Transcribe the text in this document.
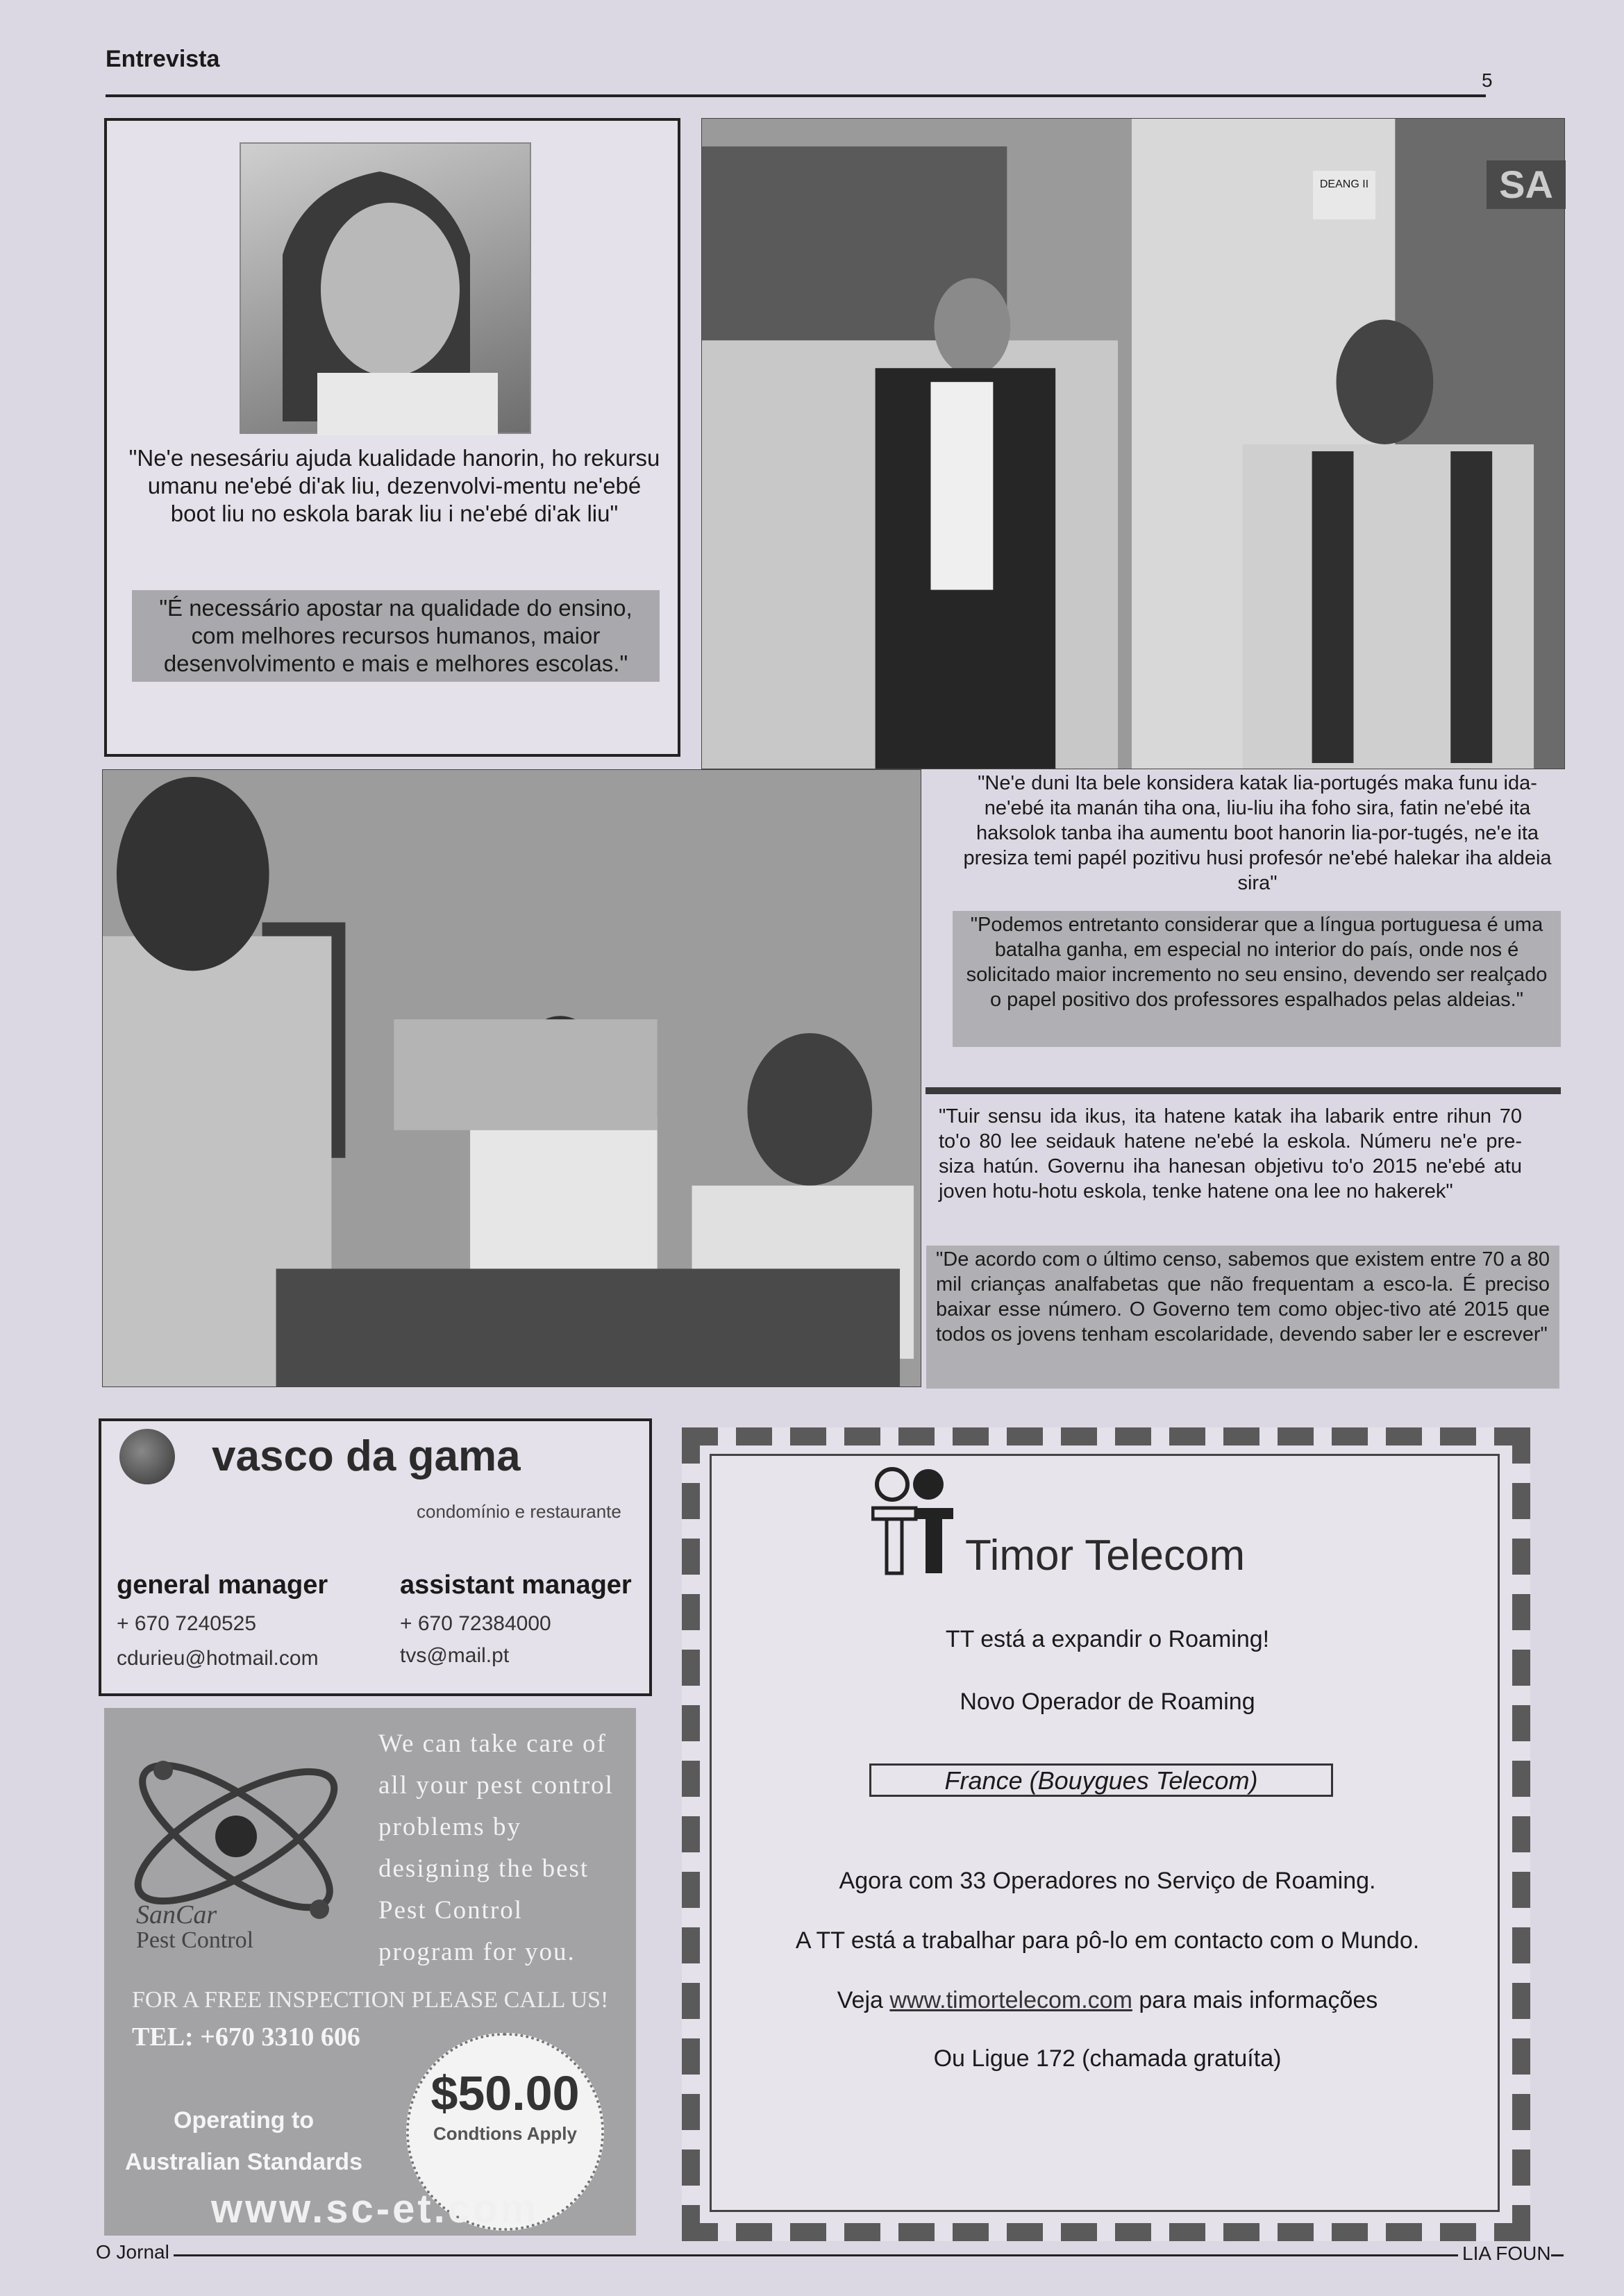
Entrevista
5
"Ne'e nesesáriu ajuda kualidade hanorin, ho rekursu umanu ne'ebé di'ak liu, dezenvolvi-mentu ne'ebé boot liu no eskola barak liu i ne'ebé di'ak liu"
"É necessário apostar na qualidade do ensino, com melhores recursos humanos, maior desenvolvimento e mais e melhores escolas."
DEANG II	SA
"Ne'e duni Ita bele konsidera katak lia-portugés maka funu ida-ne'ebé ita manán tiha ona, liu-liu iha foho sira, fatin ne'ebé ita haksolok tanba iha aumentu boot hanorin lia-por-tugés, ne'e ita presiza temi papél pozitivu husi profesór ne'ebé halekar iha aldeia sira"
"Podemos entretanto considerar que a língua portuguesa é uma batalha ganha, em especial no interior do país, onde nos é solicitado maior incremento no seu ensino, devendo ser realçado o papel positivo dos professores espalhados pelas aldeias."
"Tuir sensu ida ikus, ita hatene katak iha labarik entre rihun 70 to'o 80 lee seidauk hatene ne'ebé la eskola. Númeru ne'e pre-siza hatún. Governu iha hanesan objetivu to'o 2015 ne'ebé atu joven hotu-hotu eskola, tenke hatene ona lee no hakerek"
"De acordo com o último censo, sabemos que existem entre 70 a 80 mil crianças analfabetas que não frequentam a esco-la. É preciso baixar esse número. O Governo tem como objec-tivo até 2015 que todos os jovens tenham escolaridade, devendo saber ler e escrever"
vasco da gama
condomínio e restaurante
general manager
+ 670 7240525
cdurieu@hotmail.com
assistant manager
+ 670 72384000
tvs@mail.pt
SanCar
Pest Control
We can take care of all your pest control problems by designing the best Pest Control program for you.
FOR A FREE INSPECTION PLEASE CALL US!
TEL: +670 3310 606
$50.00
Condtions Apply
Operating to
Australian Standards
www.sc-et.com
Timor Telecom
TT está a expandir o Roaming!
Novo Operador de Roaming
France (Bouygues Telecom)
Agora com 33 Operadores no Serviço de Roaming.
A TT está a trabalhar para pô-lo em contacto com o Mundo.
Veja www.timortelecom.com para mais informações
Ou Ligue 172 (chamada gratuíta)
O Jornal	LIA FOUN
